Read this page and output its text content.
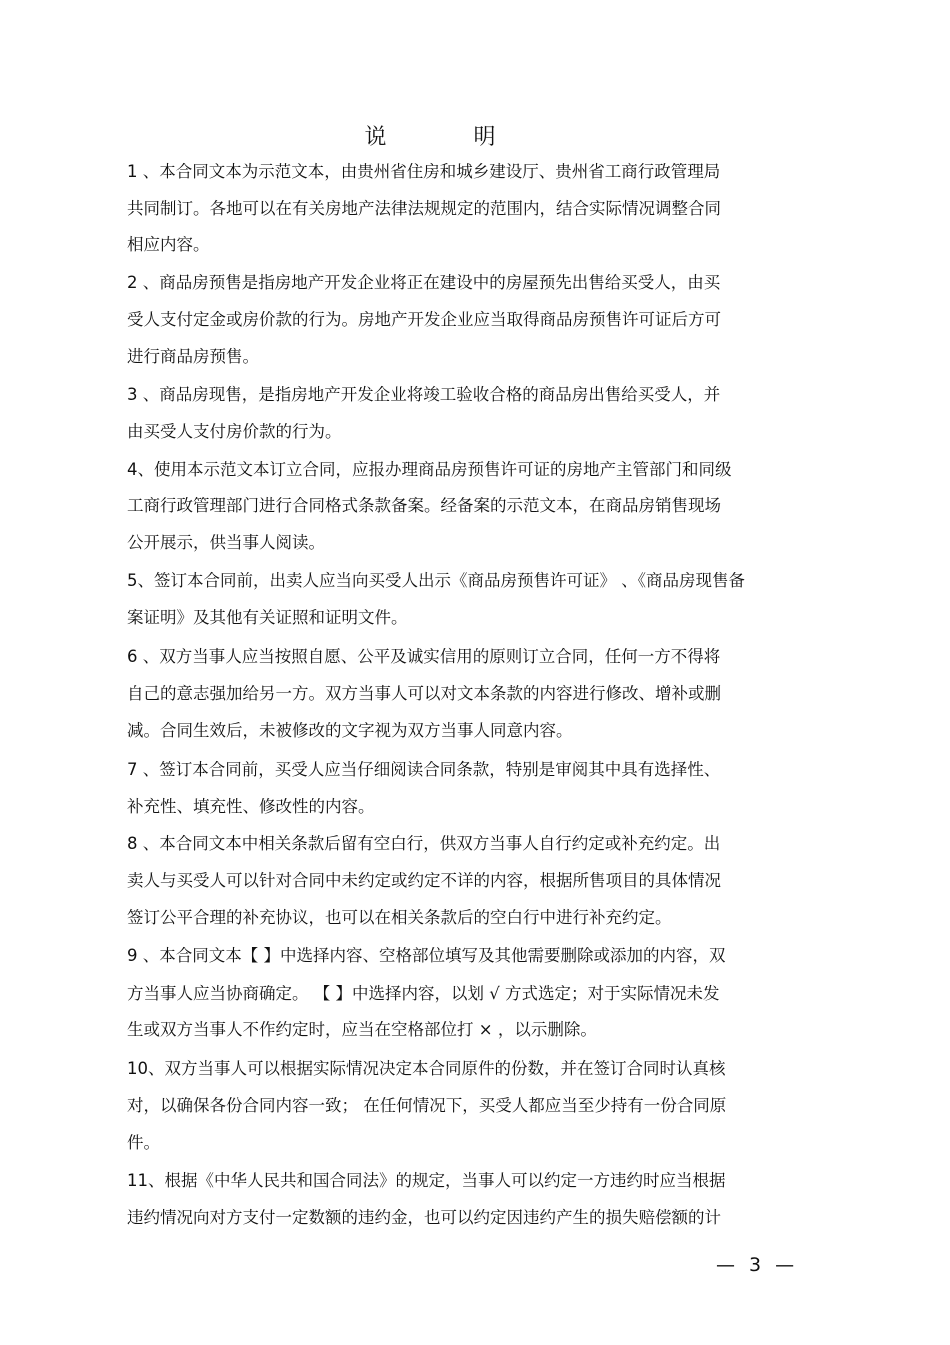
说 明
1 、本合同文本为示范文本，由贵州省住房和城乡建设厅、贵州省工商行政管理局
共同制订。各地可以在有关房地产法律法规规定的范围内，结合实际情况调整合同
相应内容。
2 、商品房预售是指房地产开发企业将正在建设中的房屋预先出售给买受人，由买
受人支付定金或房价款的行为。房地产开发企业应当取得商品房预售许可证后方可
进行商品房预售。
3 、商品房现售，是指房地产开发企业将竣工验收合格的商品房出售给买受人，并
由买受人支付房价款的行为。
4、使用本示范文本订立合同，应报办理商品房预售许可证的房地产主管部门和同级
工商行政管理部门进行合同格式条款备案。经备案的示范文本，在商品房销售现场
公开展示，供当事人阅读。
5、签订本合同前，出卖人应当向买受人出示《商品房预售许可证》 、《商品房现售备
案证明》及其他有关证照和证明文件。
6 、双方当事人应当按照自愿、公平及诚实信用的原则订立合同，任何一方不得将
自己的意志强加给另一方。双方当事人可以对文本条款的内容进行修改、增补或删
减。合同生效后，未被修改的文字视为双方当事人同意内容。
7 、签订本合同前，买受人应当仔细阅读合同条款，特别是审阅其中具有选择性、
补充性、填充性、修改性的内容。
8 、本合同文本中相关条款后留有空白行，供双方当事人自行约定或补充约定。出
卖人与买受人可以针对合同中未约定或约定不详的内容，根据所售项目的具体情况
签订公平合理的补充协议，也可以在相关条款后的空白行中进行补充约定。
9 、本合同文本【 】中选择内容、空格部位填写及其他需要删除或添加的内容，双
方当事人应当协商确定。 【 】中选择内容，以划 √ 方式选定；对于实际情况未发
生或双方当事人不作约定时，应当在空格部位打 × ，以示删除。
10、双方当事人可以根据实际情况决定本合同原件的份数，并在签订合同时认真核
对，以确保各份合同内容一致； 在任何情况下，买受人都应当至少持有一份合同原
件。
11、根据《中华人民共和国合同法》的规定，当事人可以约定一方违约时应当根据
违约情况向对方支付一定数额的违约金，也可以约定因违约产生的损失赔偿额的计
— 3 —
